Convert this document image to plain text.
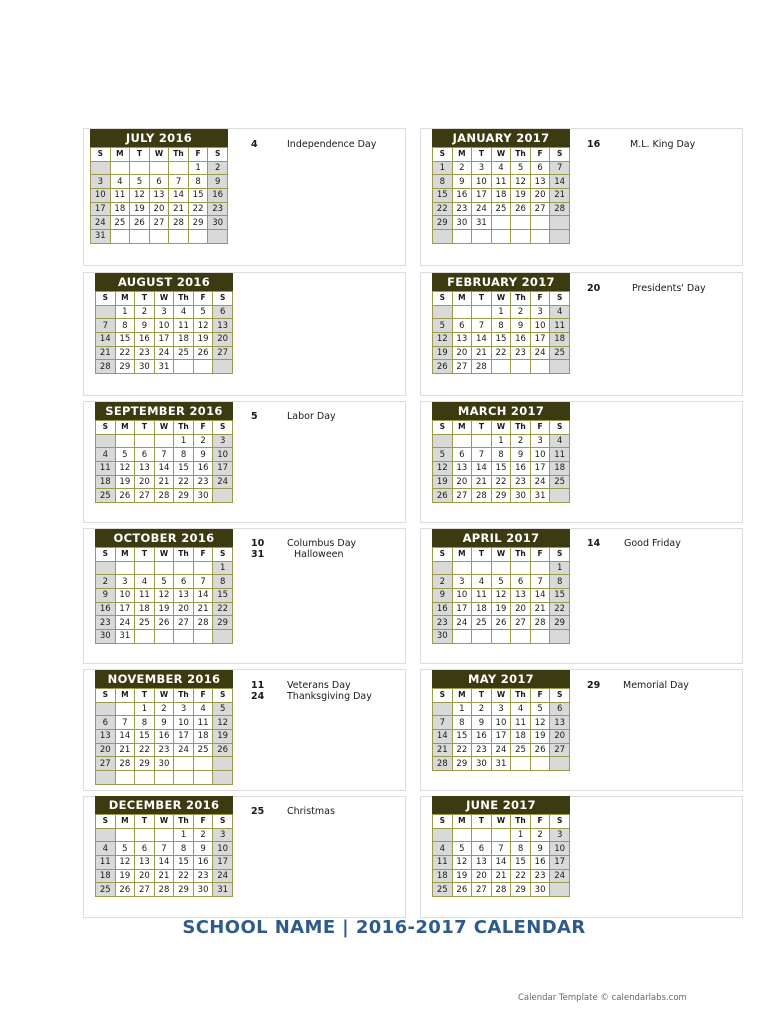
JULY 2016
S	M	T	W	Th	F	S
					1	2
3	4	5	6	7	8	9
10	11	12	13	14	15	16
17	18	19	20	21	22	23
24	25	26	27	28	29	30
31						
4	Independence Day	JANUARY 2017
S	M	T	W	Th	F	S
1	2	3	4	5	6	7
8	9	10	11	12	13	14
15	16	17	18	19	20	21
22	23	24	25	26	27	28
29	30	31				

16	M.L. King Day
AUGUST 2016
S	M	T	W	Th	F	S
	1	2	3	4	5	6
7	8	9	10	11	12	13
14	15	16	17	18	19	20
21	22	23	24	25	26	27
28	29	30	31			
FEBRUARY 2017
S	M	T	W	Th	F	S
			1	2	3	4
5	6	7	8	9	10	11
12	13	14	15	16	17	18
19	20	21	22	23	24	25
26	27	28				
20	Presidents' Day
SEPTEMBER 2016
S	M	T	W	Th	F	S
				1	2	3
4	5	6	7	8	9	10
11	12	13	14	15	16	17
18	19	20	21	22	23	24
25	26	27	28	29	30	
5	Labor Day	MARCH 2017
S	M	T	W	Th	F	S
			1	2	3	4
5	6	7	8	9	10	11
12	13	14	15	16	17	18
19	20	21	22	23	24	25
26	27	28	29	30	31	
OCTOBER 2016
S	M	T	W	Th	F	S
						1
2	3	4	5	6	7	8
9	10	11	12	13	14	15
16	17	18	19	20	21	22
23	24	25	26	27	28	29
30	31					
10 Columbus Day
31	Halloween
APRIL 2017
S	M	T	W	Th	F	S
						1
2	3	4	5	6	7	8
9	10	11	12	13	14	15
16	17	18	19	20	21	22
23	24	25	26	27	28	29
30						
14	Good Friday
NOVEMBER 2016
S	M	T	W	Th	F	S
		1	2	3	4	5
6	7	8	9	10	11	12
13	14	15	16	17	18	19
20	21	22	23	24	25	26
27	28	29	30			

11 Veterans Day
24 Thanksgiving Day
MAY 2017
S	M	T	W	Th	F	S
	1	2	3	4	5	6
7	8	9	10	11	12	13
14	15	16	17	18	19	20
21	22	23	24	25	26	27
28	29	30	31			
29 Memorial Day
DECEMBER 2016
S	M	T	W	Th	F	S
				1	2	3
4	5	6	7	8	9	10
11	12	13	14	15	16	17
18	19	20	21	22	23	24
25	26	27	28	29	30	31
25 Christmas	JUNE 2017
S	M	T	W	Th	F	S
				1	2	3
4	5	6	7	8	9	10
11	12	13	14	15	16	17
18	19	20	21	22	23	24
25	26	27	28	29	30	
SCHOOL NAME | 2016-2017 CALENDAR
Calendar Template © calendarlabs.com
